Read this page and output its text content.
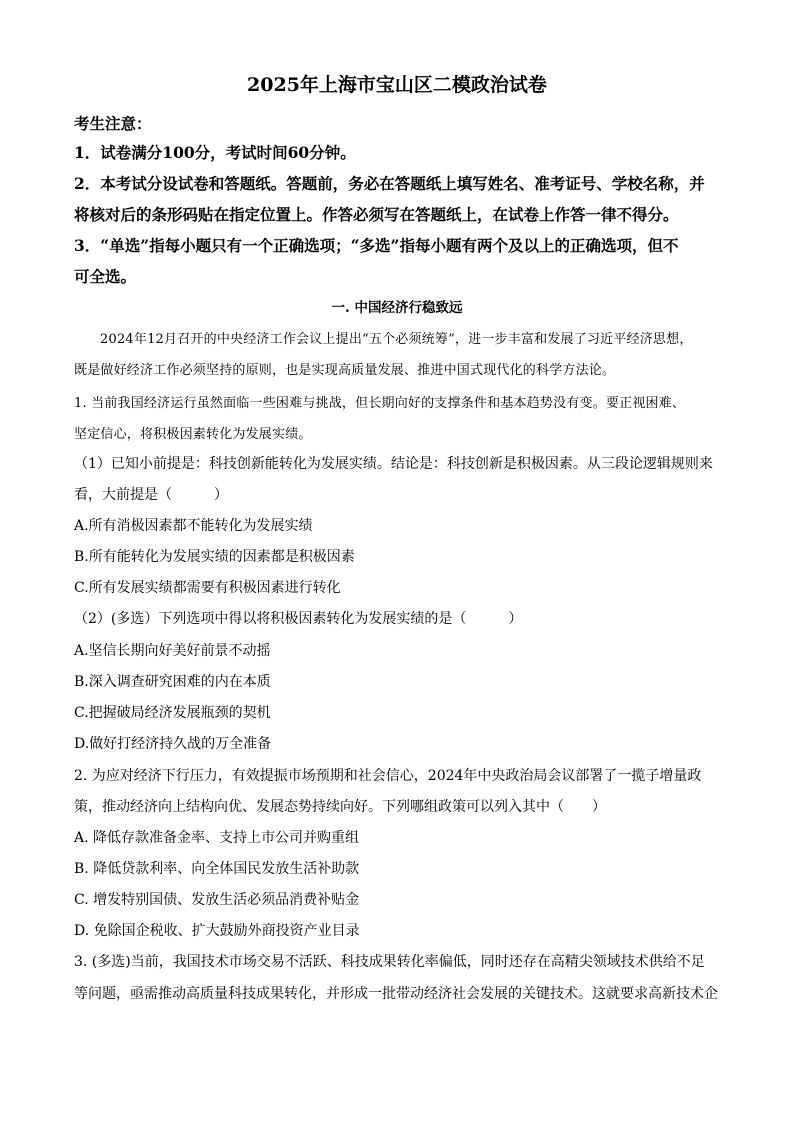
2025年上海市宝山区二模政治试卷
考生注意：
1．试卷满分100分，考试时间60分钟。
2．本考试分设试卷和答题纸。答题前，务必在答题纸上填写姓名、准考证号、学校名称，并
将核对后的条形码贴在指定位置上。作答必须写在答题纸上，在试卷上作答一律不得分。
3．“单选”指每小题只有一个正确选项；“多选”指每小题有两个及以上的正确选项，但不
可全选。
一. 中国经济行稳致远
2024年12月召开的中央经济工作会议上提出“五个必须统筹”，进一步丰富和发展了习近平经济思想，
既是做好经济工作必须坚持的原则，也是实现高质量发展、推进中国式现代化的科学方法论。
1. 当前我国经济运行虽然面临一些困难与挑战，但长期向好的支撑条件和基本趋势没有变。要正视困难、
坚定信心，将积极因素转化为发展实绩。
（1）已知小前提是：科技创新能转化为发展实绩。结论是：科技创新是积极因素。从三段论逻辑规则来
看，大前提是（　　　）
A.所有消极因素都不能转化为发展实绩
B.所有能转化为发展实绩的因素都是积极因素
C.所有发展实绩都需要有积极因素进行转化
（2）(多选）下列选项中得以将积极因素转化为发展实绩的是（　　　）
A.坚信长期向好美好前景不动摇
B.深入调查研究困难的内在本质
C.把握破局经济发展瓶颈的契机
D.做好打经济持久战的万全准备
2. 为应对经济下行压力，有效提振市场预期和社会信心，2024年中央政治局会议部署了一揽子增量政
策，推动经济向上结构向优、发展态势持续向好。下列哪组政策可以列入其中（　　）
A. 降低存款准备金率、支持上市公司并购重组
B. 降低贷款利率、向全体国民发放生活补助款
C. 增发特别国债、发放生活必须品消费补贴金
D. 免除国企税收、扩大鼓励外商投资产业目录
3. (多选)当前，我国技术市场交易不活跃、科技成果转化率偏低，同时还存在高精尖领域技术供给不足
等问题，亟需推动高质量科技成果转化，并形成一批带动经济社会发展的关键技术。这就要求高新技术企
